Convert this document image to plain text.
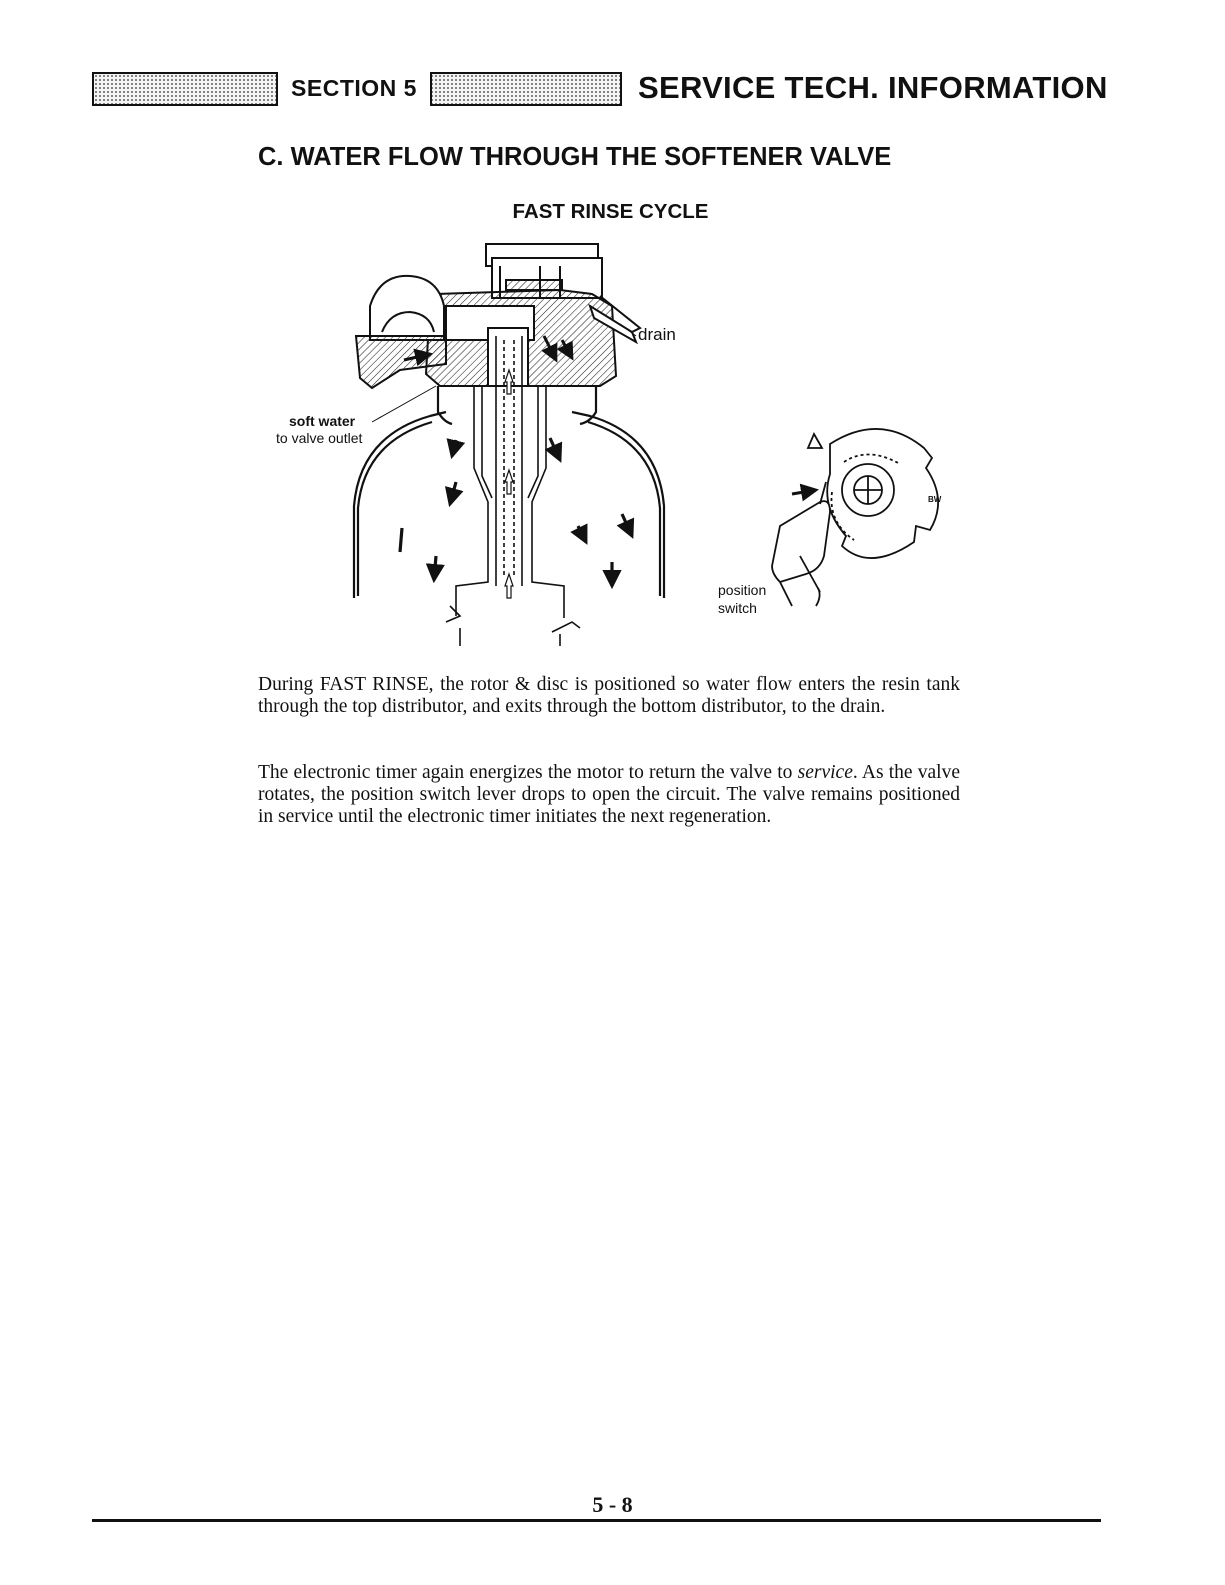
SECTION 5	SERVICE TECH. INFORMATION
C. WATER FLOW THROUGH THE SOFTENER VALVE
FAST RINSE CYCLE
BW
drain
soft water
to valve outlet
position
switch

During FAST RINSE, the rotor & disc is positioned so water flow enters the resin tank through the top distributor, and exits through the bottom distributor, to the drain.

The electronic timer again energizes the motor to return the valve to service. As the valve rotates, the position switch lever drops to open the circuit. The valve remains positioned in service until the electronic timer initiates the next regeneration.

5 - 8
